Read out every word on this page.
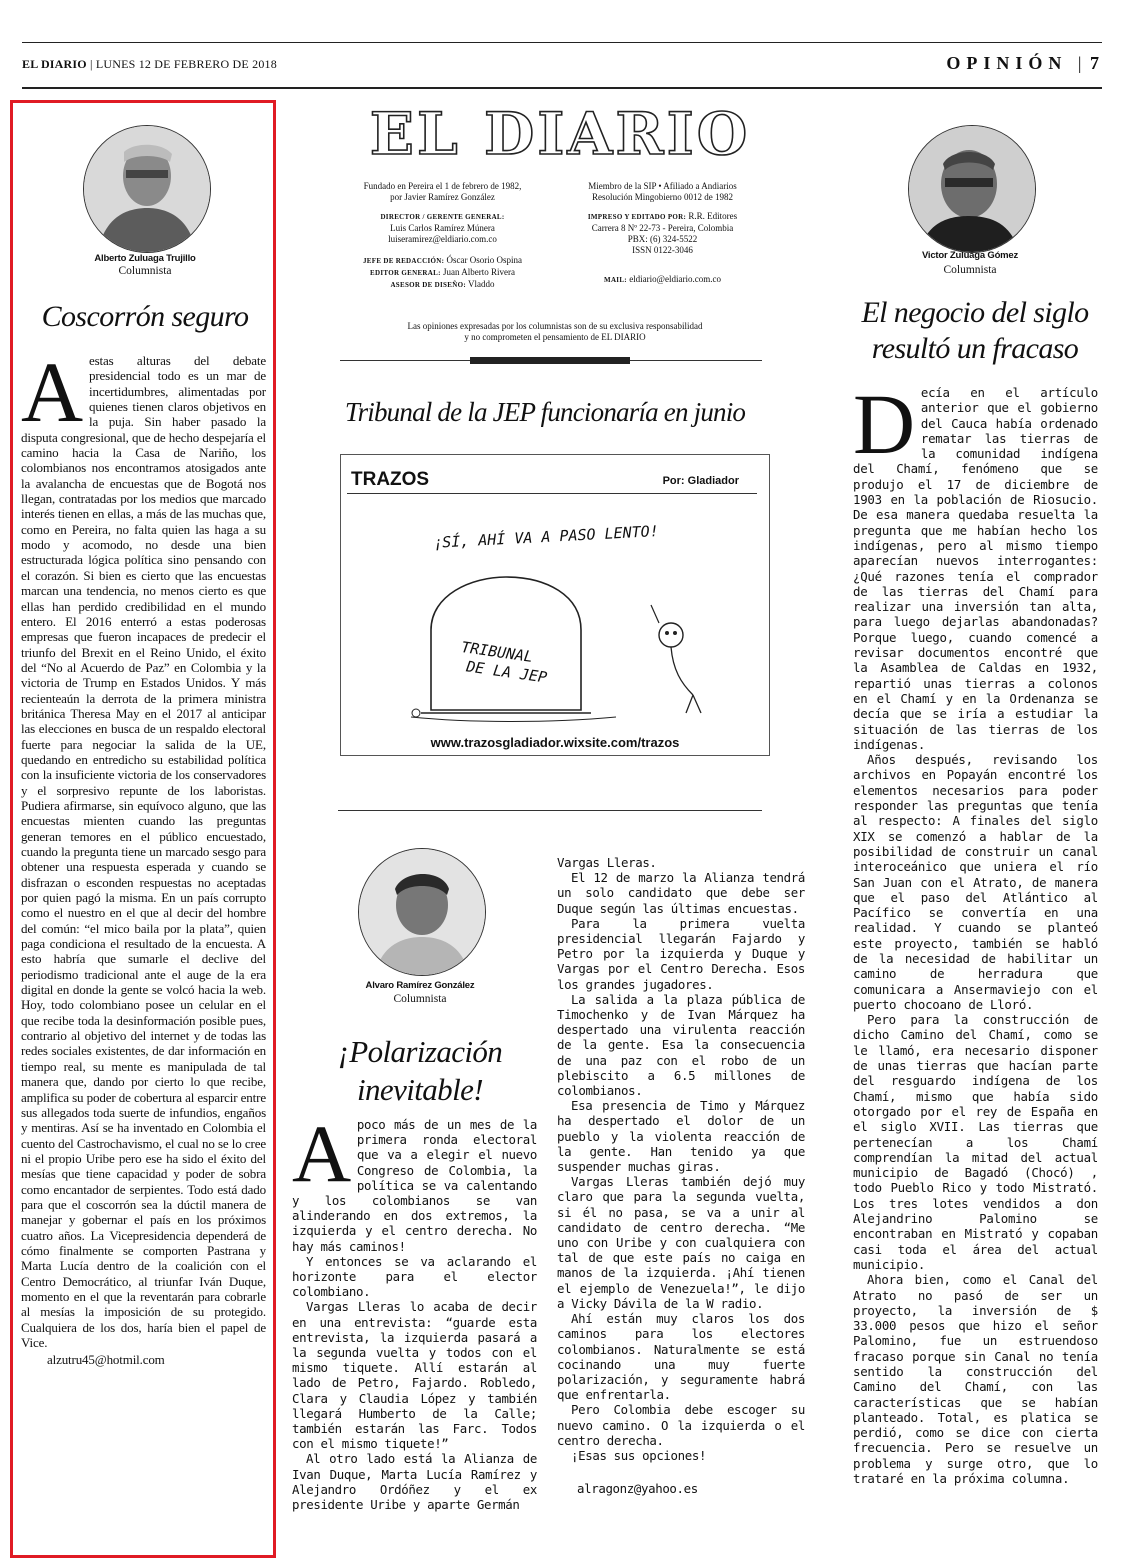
EL DIARIO | LUNES 12 DE FEBRERO DE 2018	OPINIÓN | 7
Alberto Zuluaga Trujillo
Columnista
Coscorrón seguro

Aestas alturas del debate presidencial todo es un mar de incertidumbres, alimentadas por quienes tienen claros objetivos en la puja. Sin haber pasado la disputa congresional, que de hecho despejaría el camino hacia la Casa de Nariño, los colombianos nos encontramos atosigados ante la avalancha de encuestas que de Bogotá nos llegan, contratadas por los medios que marcado interés tienen en ellas, a más de las muchas que, como en Pereira, no falta quien las haga a su modo y acomodo, no desde una bien estructurada lógica política sino pensando con el corazón. Si bien es cierto que las encuestas marcan una tendencia, no menos cierto es que ellas han perdido credibilidad en el mundo entero. El 2016 enterró a estas poderosas empresas que fueron incapaces de predecir el triunfo del Brexit en el Reino Unido, el éxito del “No al Acuerdo de Paz” en Colombia y la victoria de Trump en Estados Unidos. Y más recienteaún la derrota de la primera ministra británica Theresa May en el 2017 al anticipar las elecciones en busca de un respaldo electoral fuerte para negociar la salida de la UE, quedando en entredicho su estabilidad política con la insuficiente victoria de los conservadores y el sorpresivo repunte de los laboristas. Pudiera afirmarse, sin equívoco alguno, que las encuestas mienten cuando las preguntas generan temores en el público encuestado, cuando la pregunta tiene un marcado sesgo para obtener una respuesta esperada y cuando se disfrazan o esconden respuestas no aceptadas por quien pagó la misma. En un país corrupto como el nuestro en el que al decir del hombre del común: “el mico baila por la plata”, quien paga condiciona el resultado de la encuesta. A esto habría que sumarle el declive del periodismo tradicional ante el auge de la era digital en donde la gente se volcó hacia la web. Hoy, todo colombiano posee un celular en el que recibe toda la desinformación posible pues, contrario al objetivo del internet y de todas las redes sociales existentes, de dar información en tiempo real, su mente es manipulada de tal manera que, dando por cierto lo que recibe, amplifica su poder de cobertura al esparcir entre sus allegados toda suerte de infundios, engaños y mentiras. Así se ha inventado en Colombia el cuento del Castrochavismo, el cual no se lo cree ni el propio Uribe pero ese ha sido el éxito del mesías que tiene capacidad y poder de sobra como encantador de serpientes. Todo está dado para que el coscorrón sea la dúctil manera de manejar y gobernar el país en los próximos cuatro años. La Vicepresidencia dependerá de cómo finalmente se comporten Pastrana y Marta Lucía dentro de la coalición con el Centro Democrático, al triunfar Iván Duque, momento en el que la reventarán para cobrarle al mesías la imposición de su protegido. Cualquiera de los dos, haría bien el papel de Vice.

alzutru45@hotmil.com

EL DIARIO
Fundado en Pereira el 1 de febrero de 1982,
por Javier Ramírez González
DIRECTOR / GERENTE GENERAL:
Luis Carlos Ramírez Múnera
luiseramirez@eldiario.com.co
JEFE DE REDACCIÓN: Óscar Osorio Ospina
EDITOR GENERAL: Juan Alberto Rivera
ASESOR DE DISEÑO: Vladdo
Miembro de la SIP • Afiliado a Andiarios
Resolución Mingobierno 0012 de 1982
IMPRESO Y EDITADO POR: R.R. Editores
Carrera 8 Nº 22-73 - Pereira, Colombia
PBX: (6) 324-5522
ISSN 0122-3046
MAIL: eldiario@eldiario.com.co
Las opiniones expresadas por los columnistas son de su exclusiva responsabilidad
y no comprometen el pensamiento de EL DIARIO
Tribunal de la JEP funcionaría en junio
TRAZOS	Por: Gladiador
¡SÍ, AHÍ VA A PASO LENTO!
TRIBUNAL
DE LA JEP
www.trazosgladiador.wixsite.com/trazos
Alvaro Ramírez González
Columnista
¡Polarización
inevitable!

Apoco más de un mes de la primera ronda electoral que va a elegir el nuevo Congreso de Colombia, la política se va calentando y los colombianos se van alinderando en dos extremos, la izquierda y el centro derecha. No hay más caminos!

Y entonces se va aclarando el horizonte para el elector colombiano.

Vargas Lleras lo acaba de decir en una entrevista: “guarde esta entrevista, la izquierda pasará a la segunda vuelta y todos con el mismo tiquete. Allí estarán al lado de Petro, Fajardo. Robledo, Clara y Claudia López y también llegará Humberto de la Calle; también estarán las Farc. Todos con el mismo tiquete!”

Al otro lado está la Alianza de Ivan Duque, Marta Lucía Ramírez y Alejandro Ordóñez y el ex presidente Uribe y aparte Germán

Vargas Lleras.

El 12 de marzo la Alianza tendrá un solo candidato que debe ser Duque según las últimas encuestas.

Para la primera vuelta presidencial llegarán Fajardo y Petro por la izquierda y Duque y Vargas por el Centro Derecha. Esos los grandes jugadores.

La salida a la plaza pública de Timochenko y de Ivan Márquez ha despertado una virulenta reacción de la gente. Esa la consecuencia de una paz con el robo de un plebiscito a 6.5 millones de colombianos.

Esa presencia de Timo y Márquez ha despertado el dolor de un pueblo y la violenta reacción de la gente. Han tenido ya que suspender muchas giras.

Vargas Lleras también dejó muy claro que para la segunda vuelta, si él no pasa, se va a unir al candidato de centro derecha. “Me uno con Uribe y con cualquiera con tal de que este país no caiga en manos de la izquierda. ¡Ahí tienen el ejemplo de Venezuela!”, le dijo a Vicky Dávila de la W radio.

Ahí están muy claros los dos caminos para los electores colombianos. Naturalmente se está cocinando una muy fuerte polarización, y seguramente habrá que enfrentarla.

Pero Colombia debe escoger su nuevo camino. O la izquierda o el centro derecha.

¡Esas sus opciones!

alragonz@yahoo.es

Victor Zuluaga Gómez
Columnista
El negocio del siglo
resultó un fracaso

Decía en el artículo anterior que el gobierno del Cauca había ordenado rematar las tierras de la comunidad indígena del Chamí, fenómeno que se produjo el 17 de diciembre de 1903 en la población de Riosucio. De esa manera quedaba resuelta la pregunta que me habían hecho los indígenas, pero al mismo tiempo aparecían nuevos interrogantes: ¿Qué razones tenía el comprador de las tierras del Chamí para realizar una inversión tan alta, para luego dejarlas abandonadas? Porque luego, cuando comencé a revisar documentos encontré que la Asamblea de Caldas en 1932, repartió unas tierras a colonos en el Chamí y en la Ordenanza se decía que se iría a estudiar la situación de las tierras de los indígenas.

Años después, revisando los archivos en Popayán encontré los elementos necesarios para poder responder las preguntas que tenía al respecto: A finales del siglo XIX se comenzó a hablar de la posibilidad de construir un canal interoceánico que uniera el río San Juan con el Atrato, de manera que el paso del Atlántico al Pacífico se convertía en una realidad. Y cuando se planteó este proyecto, también se habló de la necesidad de habilitar un camino de herradura que comunicara a Ansermaviejo con el puerto chocoano de Lloró.

Pero para la construcción de dicho Camino del Chamí, como se le llamó, era necesario disponer de unas tierras que hacían parte del resguardo indígena de los Chamí, mismo que había sido otorgado por el rey de España en el siglo XVII. Las tierras que pertenecían a los Chamí comprendían la mitad del actual municipio de Bagadó (Chocó) , todo Pueblo Rico y todo Mistrató. Los tres lotes vendidos a don Alejandrino Palomino se encontraban en Mistrató y copaban casi toda el área del actual municipio.

Ahora bien, como el Canal del Atrato no pasó de ser un proyecto, la inversión de $ 33.000 pesos que hizo el señor Palomino, fue un estruendoso fracaso porque sin Canal no tenía sentido la construcción del Camino del Chamí, con las características que se habían planteado. Total, es platica se perdió, como se dice con cierta frecuencia. Pero se resuelve un problema y surge otro, que lo trataré en la próxima columna.
